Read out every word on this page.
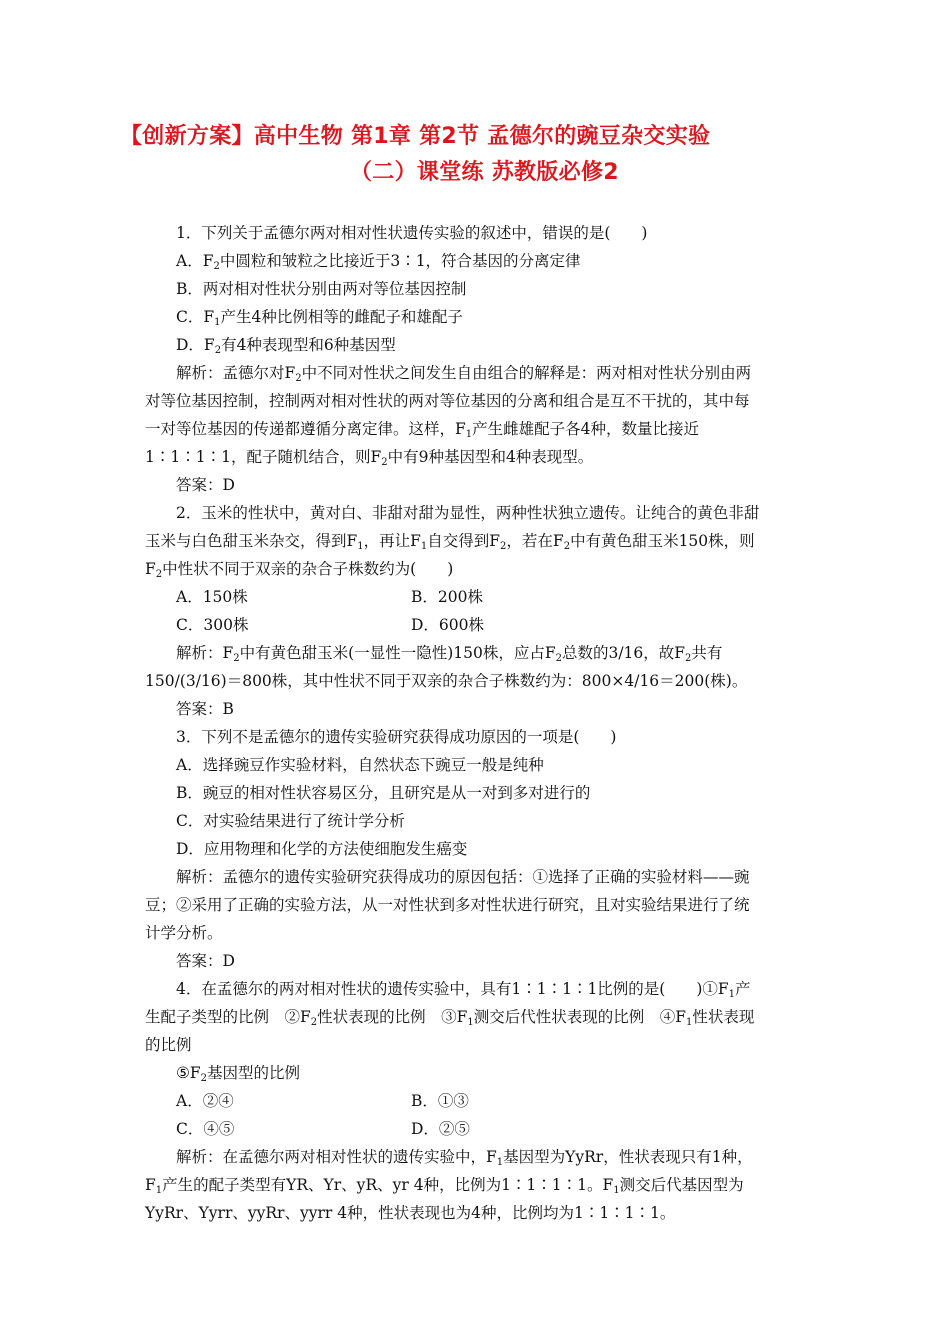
【创新方案】高中生物 第1章 第2节 孟德尔的豌豆杂交实验
（二）课堂练 苏教版必修2
1．下列关于孟德尔两对相对性状遗传实验的叙述中，错误的是(　　)
A．$F_2$中圆粒和皱粒之比接近于3∶1，符合基因的分离定律
B．两对相对性状分别由两对等位基因控制
C．$F_1$产生4种比例相等的雌配子和雄配子
D．$F_2$有4种表现型和6种基因型
解析：孟德尔对$F_2$中不同对性状之间发生自由组合的解释是：两对相对性状分别由两
对等位基因控制，控制两对相对性状的两对等位基因的分离和组合是互不干扰的，其中每
一对等位基因的传递都遵循分离定律。这样，$F_1$产生雌雄配子各4种，数量比接近
1∶1∶1∶1，配子随机结合，则$F_2$中有9种基因型和4种表现型。
答案：D
2．玉米的性状中，黄对白、非甜对甜为显性，两种性状独立遗传。让纯合的黄色非甜
玉米与白色甜玉米杂交，得到$F_1$，再让$F_1$自交得到$F_2$，若在$F_2$中有黄色甜玉米150株，则
$F_2$中性状不同于双亲的杂合子株数约为(　　)
A．150株	B．200株
C．300株	D．600株
解析：$F_2$中有黄色甜玉米(一显性一隐性)150株，应占$F_2$总数的3/16，故$F_2$共有
150/(3/16)＝800株，其中性状不同于双亲的杂合子株数约为：800×4/16＝200(株)。
答案：B
3．下列不是孟德尔的遗传实验研究获得成功原因的一项是(　　)
A．选择豌豆作实验材料，自然状态下豌豆一般是纯种
B．豌豆的相对性状容易区分，且研究是从一对到多对进行的
C．对实验结果进行了统计学分析
D．应用物理和化学的方法使细胞发生癌变
解析：孟德尔的遗传实验研究获得成功的原因包括：①选择了正确的实验材料——豌
豆；②采用了正确的实验方法，从一对性状到多对性状进行研究，且对实验结果进行了统
计学分析。
答案：D
4．在孟德尔的两对相对性状的遗传实验中，具有1∶1∶1∶1比例的是(　　)$①F_1$产
生配子类型的比例　$②F_2$性状表现的比例　$③F_1$测交后代性状表现的比例　$④F_1$性状表现
的比例
$⑤F_2$基因型的比例
A．②④	B．①③
C．④⑤	D．②⑤
解析：在孟德尔两对相对性状的遗传实验中，$F_1$基因型为YyRr，性状表现只有1种，
$F_1$产生的配子类型有YR、Yr、yR、yr 4种，比例为1∶1∶1∶1。$F_1$测交后代基因型为
YyRr、Yyrr、yyRr、yyrr 4种，性状表现也为4种，比例均为1∶1∶1∶1。
